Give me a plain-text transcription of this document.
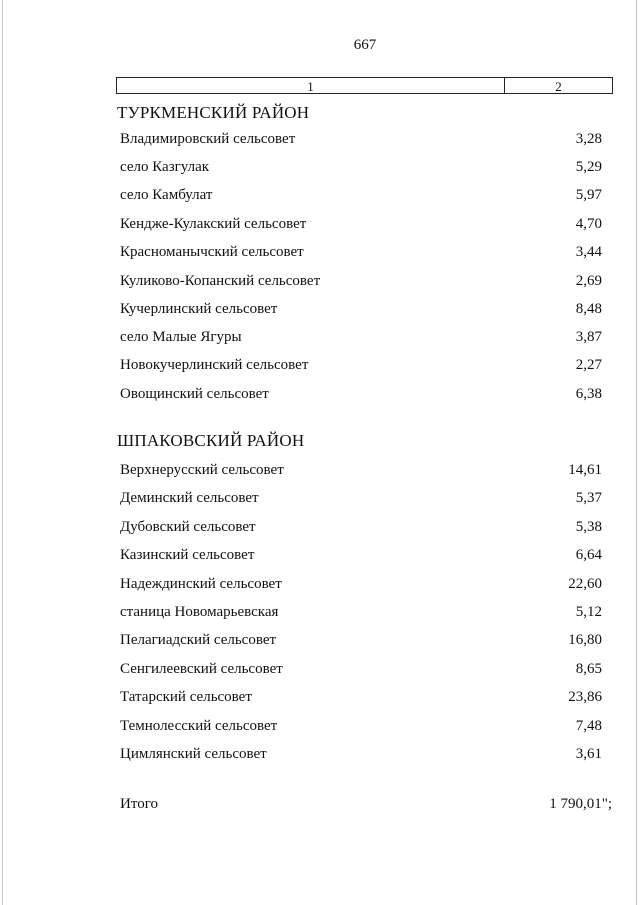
667
1	2
ТУРКМЕНСКИЙ РАЙОН
Владимировский сельсовет	3,28
село Казгулак	5,29
село Камбулат	5,97
Кендже-Кулакский сельсовет	4,70
Красноманычский сельсовет	3,44
Куликово-Копанский сельсовет	2,69
Кучерлинский сельсовет	8,48
село Малые Ягуры	3,87
Новокучерлинский сельсовет	2,27
Овощинский сельсовет	6,38
ШПАКОВСКИЙ РАЙОН
Верхнерусский сельсовет	14,61
Деминский сельсовет	5,37
Дубовский сельсовет	5,38
Казинский сельсовет	6,64
Надеждинский сельсовет	22,60
станица Новомарьевская	5,12
Пелагиадский сельсовет	16,80
Сенгилеевский сельсовет	8,65
Татарский сельсовет	23,86
Темнолесский сельсовет	7,48
Цимлянский сельсовет	3,61
Итого	1 790,01";
